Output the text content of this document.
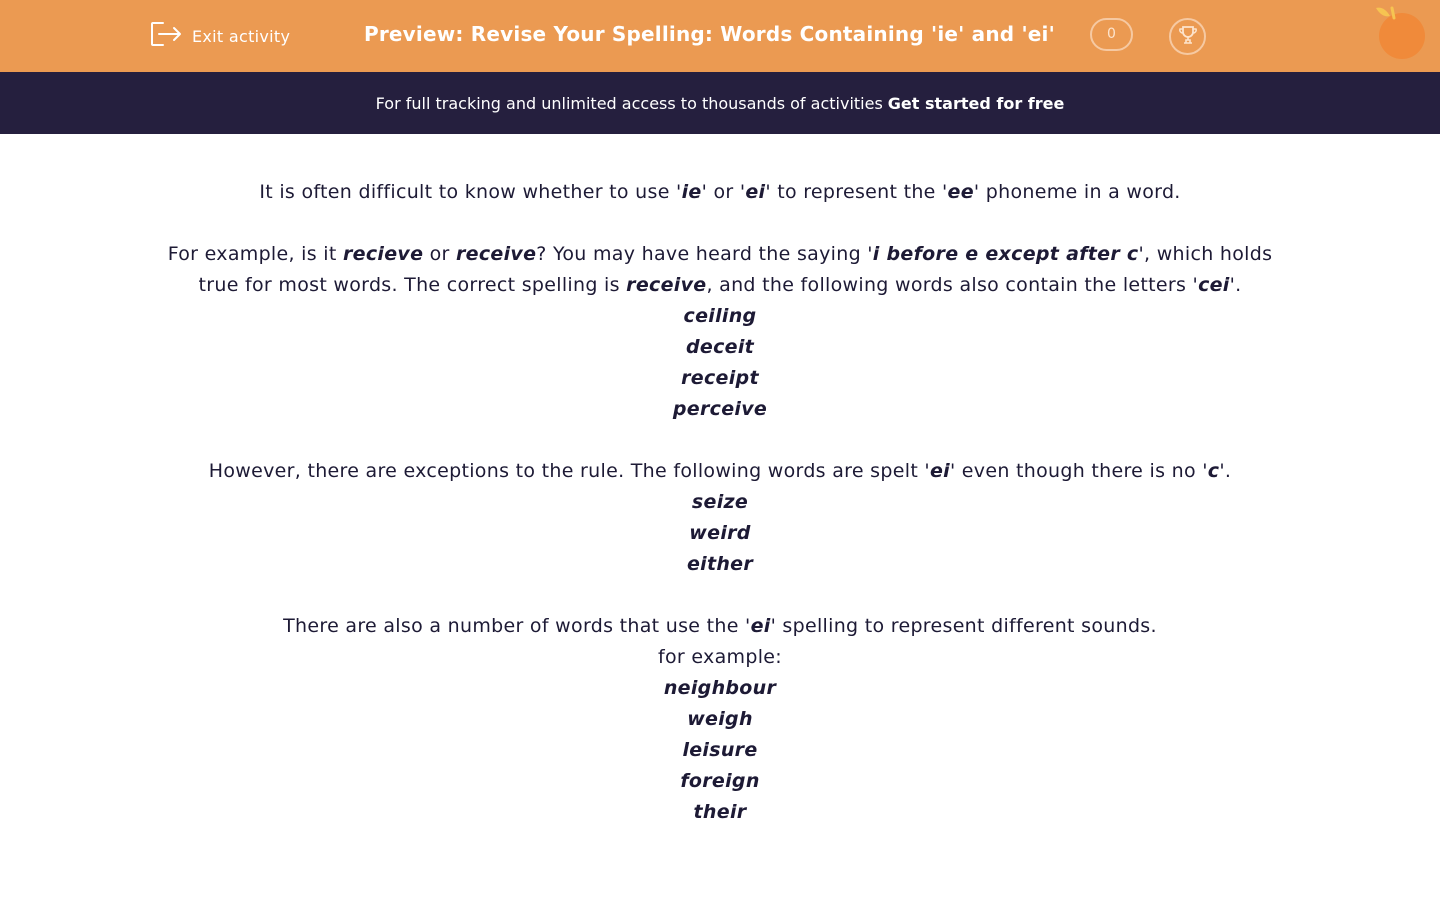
Exit activity	Preview: Revise Your Spelling: Words Containing 'ie' and 'ei'	0
For full tracking and unlimited access to thousands of activities Get started for free

It is often difficult to know whether to use 'ie' or 'ei' to represent the 'ee' phoneme in a word.

For example, is it recieve or receive? You may have heard the saying 'i before e except after c', which holds true for most words. The correct spelling is receive, and the following words also contain the letters 'cei'.

ceiling

deceit

receipt

perceive

However, there are exceptions to the rule. The following words are spelt 'ei' even though there is no 'c'.

seize

weird

either

There are also a number of words that use the 'ei' spelling to represent different sounds.

for example:

neighbour

weigh

leisure

foreign

their
